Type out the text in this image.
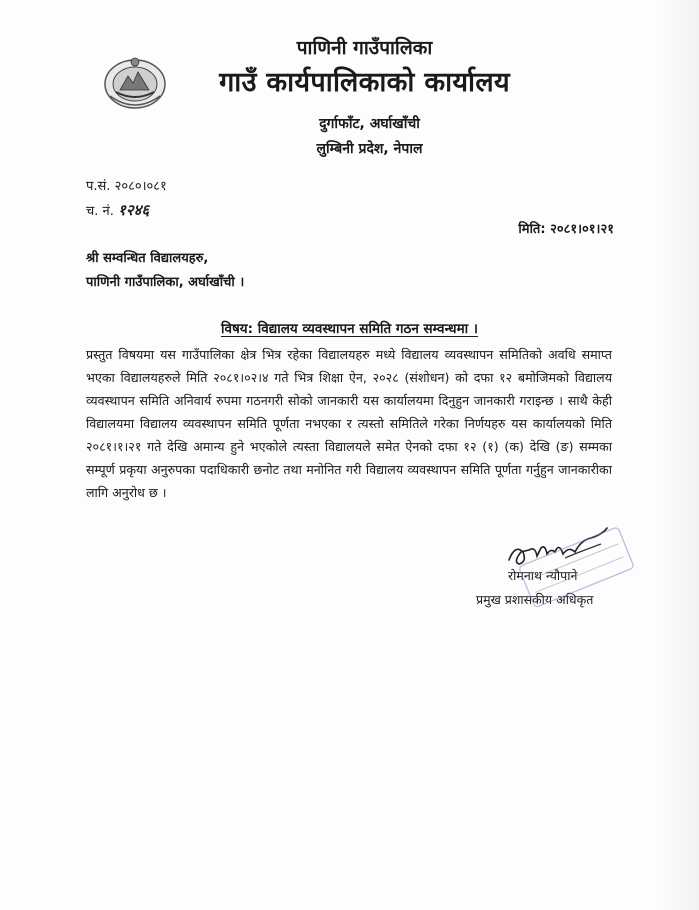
पाणिनी गाउँपालिका
गाउँ कार्यपालिकाको कार्यालय
दुर्गाफाँट, अर्घाखाँची
लुम्बिनी प्रदेश, नेपाल
प.सं. २०८०।०८१
च. नं. १२४६
मिति: २०८१।०१।२१
श्री सम्वन्धित विद्यालयहरु,
पाणिनी गाउँपालिका, अर्घाखाँची ।
विषय: विद्यालय व्यवस्थापन समिति गठन सम्वन्धमा ।
प्रस्तुत विषयमा यस गाउँपालिका क्षेत्र भित्र रहेका विद्यालयहरु मध्ये विद्यालय व्यवस्थापन समितिको अवधि समाप्त भएका विद्यालयहरुले मिति २०८१।०२।४ गते भित्र शिक्षा ऐन, २०२८ (संशोधन) को दफा १२ बमोजिमको विद्यालय व्यवस्थापन समिति अनिवार्य रुपमा गठनगरी सोको जानकारी यस कार्यालयमा दिनुहुन जानकारी गराइन्छ । साथै केही विद्यालयमा विद्यालय व्यवस्थापन समिति पूर्णता नभएका र त्यस्तो समितिले गरेका निर्णयहरु यस कार्यालयको मिति २०८१।१।२१ गते देखि अमान्य हुने भएकोले त्यस्ता विद्यालयले समेत ऐनको दफा १२ (१) (क) देखि (ङ) सम्मका सम्पूर्ण प्रकृया अनुरुपका पदाधिकारी छनोट तथा मनोनित गरी विद्यालय व्यवस्थापन समिति पूर्णता गर्नुहुन जानकारीका लागि अनुरोध छ ।
रोमनाथ न्यौपाने
प्रमुख प्रशासकीय अधिकृत
